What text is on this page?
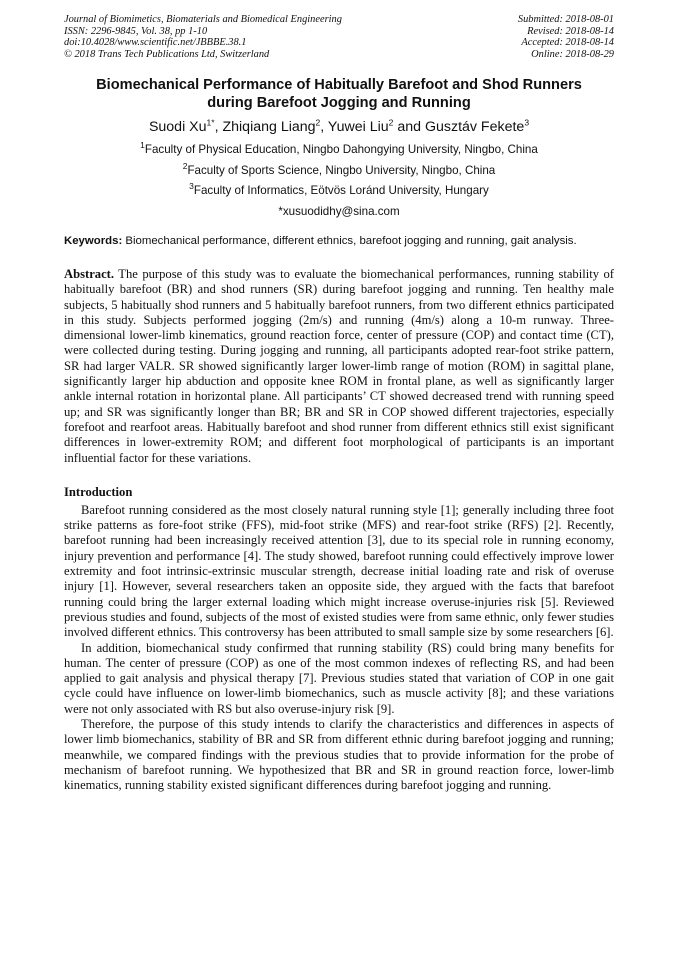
Journal of Biomimetics, Biomaterials and Biomedical Engineering
ISSN: 2296-9845, Vol. 38, pp 1-10
doi:10.4028/www.scientific.net/JBBBE.38.1
© 2018 Trans Tech Publications Ltd, Switzerland
Submitted: 2018-08-01
Revised: 2018-08-14
Accepted: 2018-08-14
Online: 2018-08-29
Biomechanical Performance of Habitually Barefoot and Shod Runners
during Barefoot Jogging and Running
Suodi $Xu^{1*}$, Zhiqiang Liang$^2$, Yuwei Liu$^2$ and Gusztáv Fekete$^3$
$^1$Faculty of Physical Education, Ningbo Dahongying University, Ningbo, China
$^2$Faculty of Sports Science, Ningbo University, Ningbo, China
$^3$Faculty of Informatics, Eötvös Loránd University, Hungary
*xusuodidhy@sina.com
Keywords: Biomechanical performance, different ethnics, barefoot jogging and running, gait analysis.
Abstract. The purpose of this study was to evaluate the biomechanical performances, running stability of habitually barefoot (BR) and shod runners (SR) during barefoot jogging and running. Ten healthy male subjects, 5 habitually shod runners and 5 habitually barefoot runners, from two different ethnics participated in this study. Subjects performed jogging (2m/s) and running (4m/s) along a 10-m runway. Three-dimensional lower-limb kinematics, ground reaction force, center of pressure (COP) and contact time (CT), were collected during testing. During jogging and running, all participants adopted rear-foot strike pattern, SR had larger VALR. SR showed significantly larger lower-limb range of motion (ROM) in sagittal plane, significantly larger hip abduction and opposite knee ROM in frontal plane, as well as significantly larger ankle internal rotation in horizontal plane. All participants’ CT showed decreased trend with running speed up; and SR was significantly longer than BR; BR and SR in COP showed different trajectories, especially forefoot and rearfoot areas. Habitually barefoot and shod runner from different ethnics still exist significant differences in lower-extremity ROM; and different foot morphological of participants is an important influential factor for these variations.
Introduction

Barefoot running considered as the most closely natural running style [1]; generally including three foot strike patterns as fore-foot strike (FFS), mid-foot strike (MFS) and rear-foot strike (RFS) [2]. Recently, barefoot running had been increasingly received attention [3], due to its special role in running economy, injury prevention and performance [4]. The study showed, barefoot running could effectively improve lower extremity and foot intrinsic-extrinsic muscular strength, decrease initial loading rate and risk of overuse injury [1]. However, several researchers taken an opposite side, they argued with the facts that barefoot running could bring the larger external loading which might increase overuse-injuries risk [5]. Reviewed previous studies and found, subjects of the most of existed studies were from same ethnic, only fewer studies involved different ethnics. This controversy has been attributed to small sample size by some researchers [6].

In addition, biomechanical study confirmed that running stability (RS) could bring many benefits for human. The center of pressure (COP) as one of the most common indexes of reflecting RS, and had been applied to gait analysis and physical therapy [7]. Previous studies stated that variation of COP in one gait cycle could have influence on lower-limb biomechanics, such as muscle activity [8]; and these variations were not only associated with RS but also overuse-injury risk [9].

Therefore, the purpose of this study intends to clarify the characteristics and differences in aspects of lower limb biomechanics, stability of BR and SR from different ethnic during barefoot jogging and running; meanwhile, we compared findings with the previous studies that to provide information for the probe of mechanism of barefoot running. We hypothesized that BR and SR in ground reaction force, lower-limb kinematics, running stability existed significant differences during barefoot jogging and running.
